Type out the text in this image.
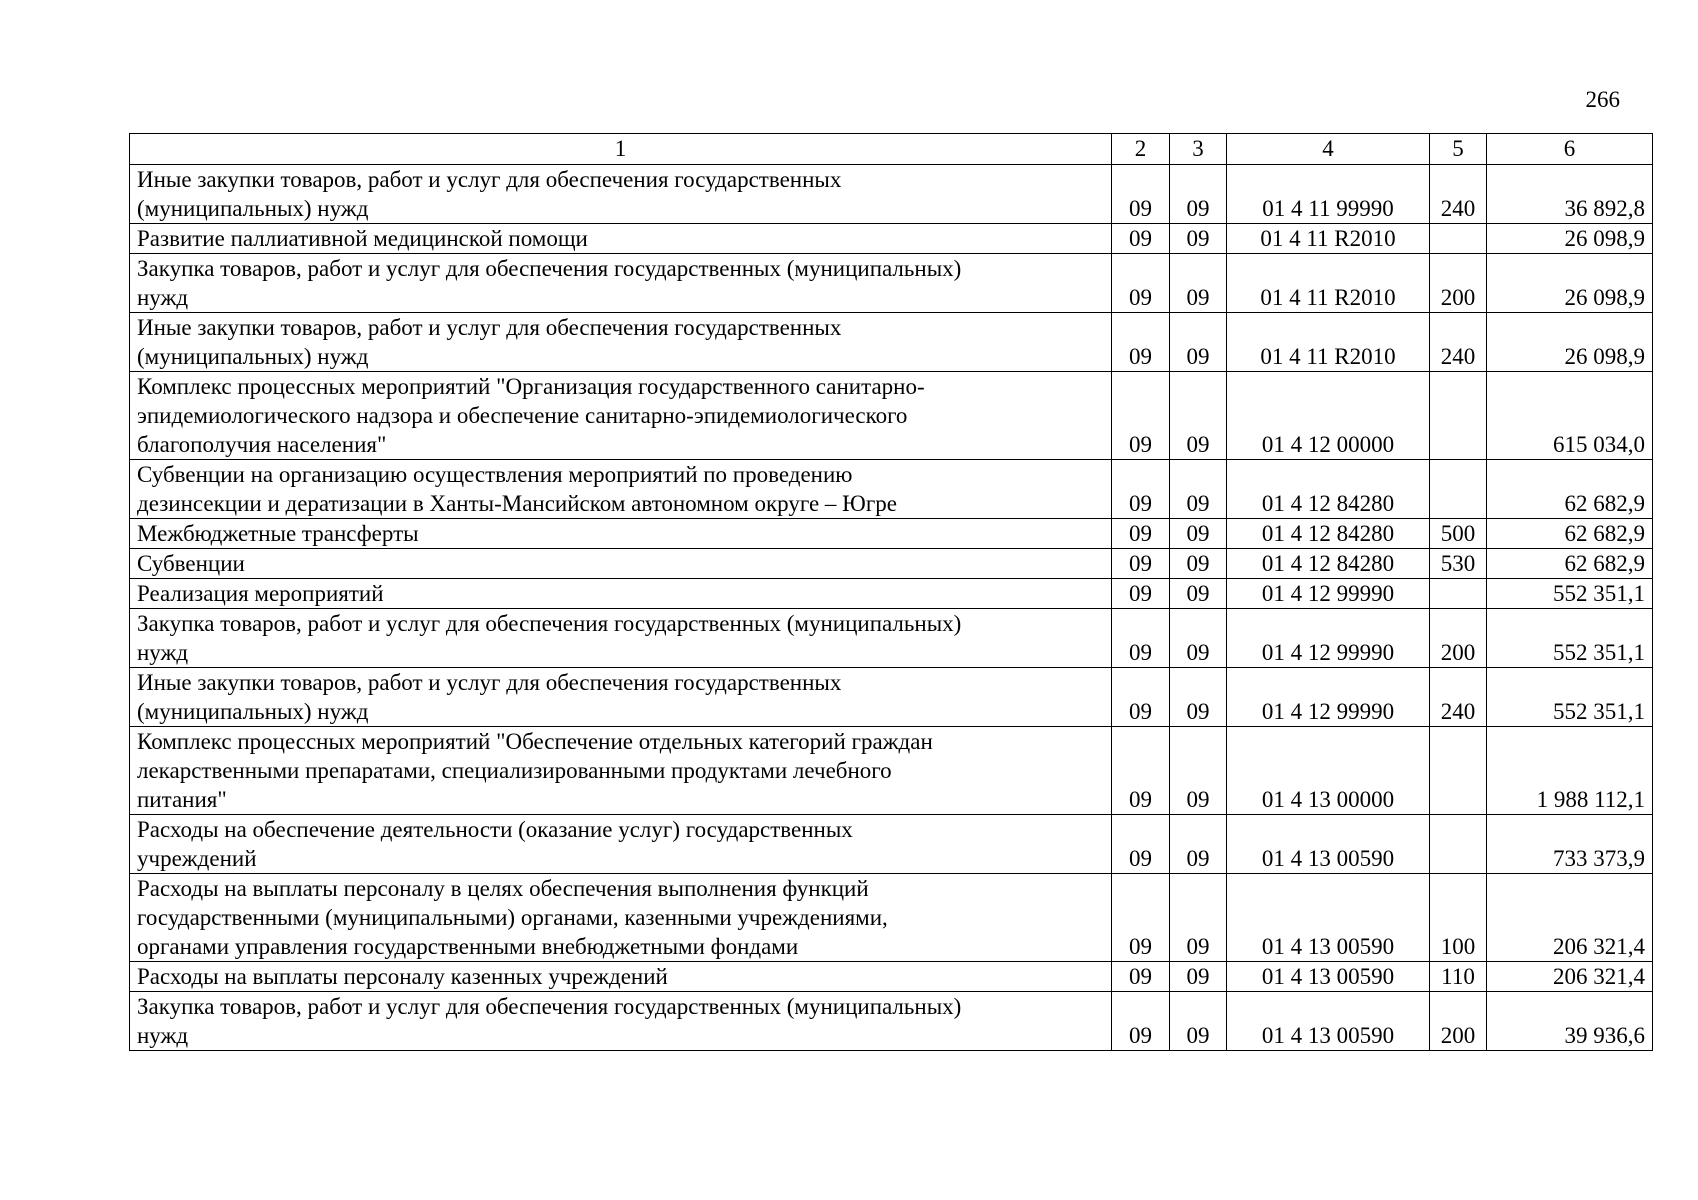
266
1	2	3	4	5	6

Иные закупки товаров, работ и услуг для обеспечения государственных
(муниципальных) нужд	09	09	01 4 11 99990	240	36 892,8

Развитие паллиативной медицинской помощи	09	09	01 4 11 R2010		26 098,9

Закупка товаров, работ и услуг для обеспечения государственных (муниципальных)
нужд	09	09	01 4 11 R2010	200	26 098,9

Иные закупки товаров, работ и услуг для обеспечения государственных
(муниципальных) нужд	09	09	01 4 11 R2010	240	26 098,9

Комплекс процессных мероприятий "Организация государственного санитарно-
эпидемиологического надзора и обеспечение санитарно-эпидемиологического
благополучия населения"	09	09	01 4 12 00000		615 034,0

Субвенции на организацию осуществления мероприятий по проведению
дезинсекции и дератизации в Ханты-Мансийском автономном округе – Югре	09	09	01 4 12 84280		62 682,9

Межбюджетные трансферты	09	09	01 4 12 84280	500	62 682,9

Субвенции	09	09	01 4 12 84280	530	62 682,9

Реализация мероприятий	09	09	01 4 12 99990		552 351,1

Закупка товаров, работ и услуг для обеспечения государственных (муниципальных)
нужд	09	09	01 4 12 99990	200	552 351,1

Иные закупки товаров, работ и услуг для обеспечения государственных
(муниципальных) нужд	09	09	01 4 12 99990	240	552 351,1

Комплекс процессных мероприятий "Обеспечение отдельных категорий граждан
лекарственными препаратами, специализированными продуктами лечебного
питания"	09	09	01 4 13 00000		1 988 112,1

Расходы на обеспечение деятельности (оказание услуг) государственных
учреждений	09	09	01 4 13 00590		733 373,9

Расходы на выплаты персоналу в целях обеспечения выполнения функций
государственными (муниципальными) органами, казенными учреждениями,
органами управления государственными внебюджетными фондами	09	09	01 4 13 00590	100	206 321,4

Расходы на выплаты персоналу казенных учреждений	09	09	01 4 13 00590	110	206 321,4

Закупка товаров, работ и услуг для обеспечения государственных (муниципальных)
нужд	09	09	01 4 13 00590	200	39 936,6
